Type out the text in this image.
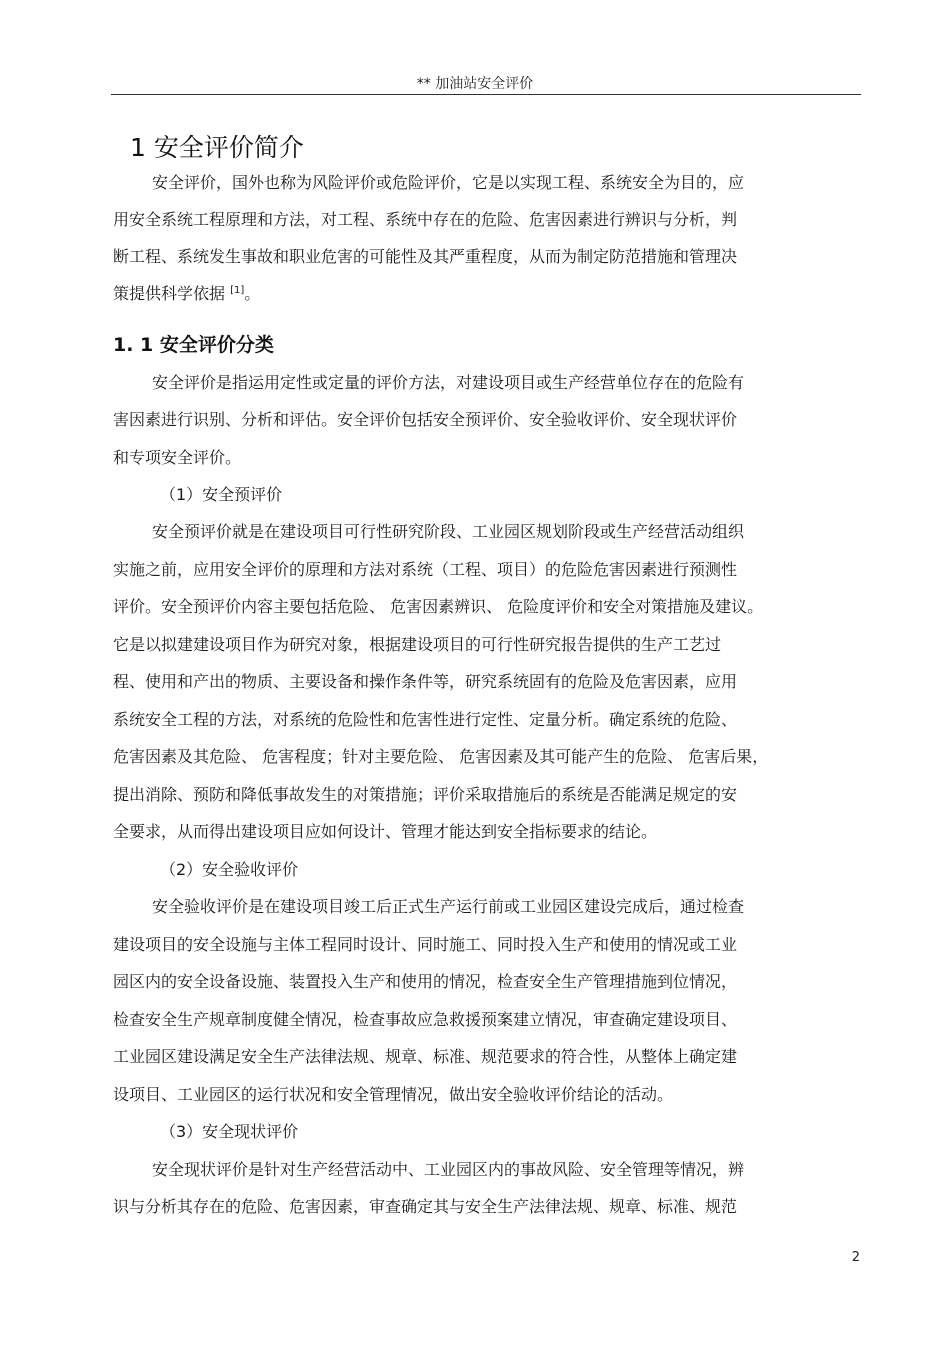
** 加油站安全评价
1 安全评价简介
安全评价，国外也称为风险评价或危险评价，它是以实现工程、系统安全为目的，应
用安全系统工程原理和方法，对工程、系统中存在的危险、危害因素进行辨识与分析，判
断工程、系统发生事故和职业危害的可能性及其严重程度，从而为制定防范措施和管理决
策提供科学依据 [1]。
1. 1 安全评价分类
安全评价是指运用定性或定量的评价方法，对建设项目或生产经营单位存在的危险有
害因素进行识别、分析和评估。安全评价包括安全预评价、安全验收评价、安全现状评价
和专项安全评价。
（1）安全预评价
安全预评价就是在建设项目可行性研究阶段、工业园区规划阶段或生产经营活动组织
实施之前，应用安全评价的原理和方法对系统（工程、项目）的危险危害因素进行预测性
评价。安全预评价内容主要包括危险、 危害因素辨识、 危险度评价和安全对策措施及建议。
它是以拟建建设项目作为研究对象，根据建设项目的可行性研究报告提供的生产工艺过
程、使用和产出的物质、主要设备和操作条件等，研究系统固有的危险及危害因素，应用
系统安全工程的方法，对系统的危险性和危害性进行定性、定量分析。确定系统的危险、
危害因素及其危险、 危害程度；针对主要危险、 危害因素及其可能产生的危险、 危害后果，
提出消除、预防和降低事故发生的对策措施；评价采取措施后的系统是否能满足规定的安
全要求，从而得出建设项目应如何设计、管理才能达到安全指标要求的结论。
（2）安全验收评价
安全验收评价是在建设项目竣工后正式生产运行前或工业园区建设完成后，通过检查
建设项目的安全设施与主体工程同时设计、同时施工、同时投入生产和使用的情况或工业
园区内的安全设备设施、装置投入生产和使用的情况，检查安全生产管理措施到位情况，
检查安全生产规章制度健全情况，检查事故应急救援预案建立情况，审查确定建设项目、
工业园区建设满足安全生产法律法规、规章、标准、规范要求的符合性，从整体上确定建
设项目、工业园区的运行状况和安全管理情况，做出安全验收评价结论的活动。
（3）安全现状评价
安全现状评价是针对生产经营活动中、工业园区内的事故风险、安全管理等情况，辨
识与分析其存在的危险、危害因素，审查确定其与安全生产法律法规、规章、标准、规范
2
